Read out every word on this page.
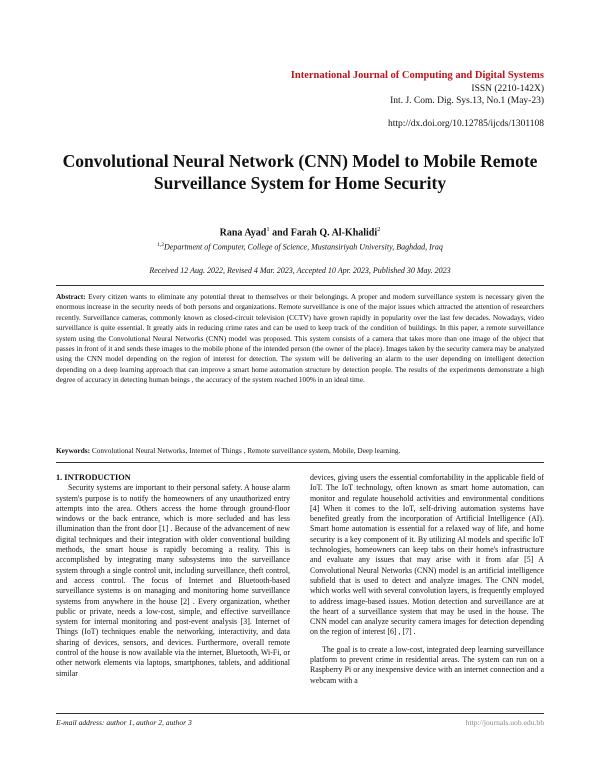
International Journal of Computing and Digital Systems
ISSN (2210-142X)
Int. J. Com. Dig. Sys.13, No.1 (May-23)
http://dx.doi.org/10.12785/ijcds/1301108
Convolutional Neural Network (CNN) Model to Mobile Remote Surveillance System for Home Security
Rana Ayad$^1$ and Farah Q. Al-Khalidi$^2$
$^{1,2}$Department of Computer, College of Science, Mustansiriyah University, Baghdad, Iraq
Received 12 Aug. 2022, Revised 4 Mar. 2023, Accepted 10 Apr. 2023, Published 30 May. 2023
Abstract: Every citizen wants to eliminate any potential threat to themselves or their belongings. A proper and modern surveillance system is necessary given the enormous increase in the security needs of both persons and organizations. Remote surveillance is one of the major issues which attracted the attention of researchers recently. Surveillance cameras, commonly known as closed-circuit television (CCTV) have grown rapidly in popularity over the last few decades. Nowadays, video surveillance is quite essential. It greatly aids in reducing crime rates and can be used to keep track of the condition of buildings. In this paper, a remote surveillance system using the Convolutional Neural Networks (CNN) model was proposed. This system consists of a camera that takes more than one image of the object that passes in front of it and sends these images to the mobile phone of the intended person (the owner of the place). Images taken by the security camera may be analyzed using the CNN model depending on the region of interest for detection. The system will be delivering an alarm to the user depending on intelligent detection depending on a deep learning approach that can improve a smart home automation structure by detection people. The results of the experiments demonstrate a high degree of accuracy in detecting human beings , the accuracy of the system reached 100% in an ideal time.
Keywords: Convolutional Neural Networks, Internet of Things , Remote surveillance system, Mobile, Deep learning.

1. INTRODUCTION

Security systems are important to their personal safety. A house alarm system's purpose is to notify the homeowners of any unauthorized entry attempts into the area. Others access the home through ground-floor windows or the back entrance, which is more secluded and has less illumination than the front door [1] . Because of the advancement of new digital techniques and their integration with older conventional building methods, the smart house is rapidly becoming a reality. This is accomplished by integrating many subsystems into the surveillance system through a single control unit, including surveillance, theft control, and access control. The focus of Internet and Bluetooth-based surveillance systems is on managing and monitoring home surveillance systems from anywhere in the house [2] . Every organization, whether public or private, needs a low-cost, simple, and effective surveillance system for internal monitoring and post-event analysis [3]. Internet of Things (IoT) techniques enable the networking, interactivity, and data sharing of devices, sensors, and devices. Furthermore, overall remote control of the house is now available via the internet, Bluetooth, Wi-Fi, or other network elements via laptops, smartphones, tablets, and additional similar

devices, giving users the essential comfortability in the applicable field of IoT. The IoT technology, often known as smart home automation, can monitor and regulate household activities and environmental conditions [4] When it comes to the IoT, self-driving automation systems have benefited greatly from the incorporation of Artificial Intelligence (AI). Smart home automation is essential for a relaxed way of life, and home security is a key component of it. By utilizing AI models and specific IoT technologies, homeowners can keep tabs on their home's infrastructure and evaluate any issues that may arise with it from afar [5] A Convolutional Neural Networks (CNN) model is an artificial intelligence subfield that is used to detect and analyze images. The CNN model, which works well with several convolution layers, is frequently employed to address image-based issues. Motion detection and surveillance are at the heart of a surveillance system that may be used in the house. The CNN model can analyze security camera images for detection depending on the region of interest [6] , [7] .

The goal is to create a low-cost, integrated deep learning surveillance platform to prevent crime in residential areas. The system can run on a Raspberry Pi or any inexpensive device with an internet connection and a webcam with a

E-mail address: author 1, author 2, author 3	http://journals.uob.edu.bh
